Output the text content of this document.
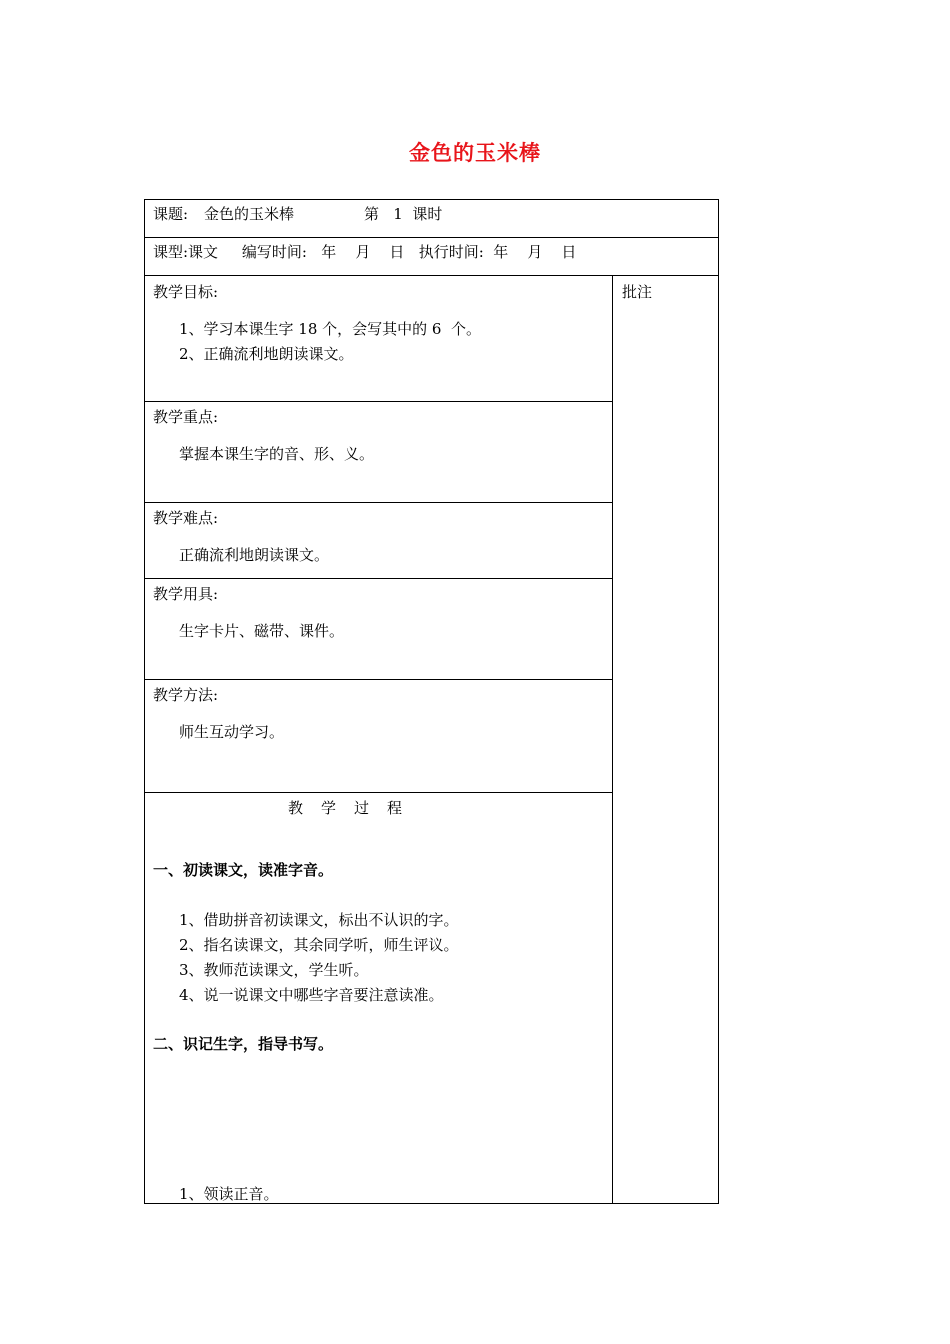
金色的玉米棒
课题: 金色的玉米棒	第   1  课时
课型:课文     编写时间:   年    月    日   执行时间:  年    月    日
批注
教学目标:
1、学习本课生字 18 个，会写其中的 6  个。
2、正确流利地朗读课文。
教学重点:
掌握本课生字的音、形、义。
教学难点:
正确流利地朗读课文。
教学用具:
生字卡片、磁带、课件。
教学方法:
师生互动学习。
教学过程
一、初读课文，读准字音。
1、借助拼音初读课文，标出不认识的字。
2、指名读课文，其余同学听，师生评议。
3、教师范读课文，学生听。
4、说一说课文中哪些字音要注意读准。
二、识记生字，指导书写。
1、领读正音。
